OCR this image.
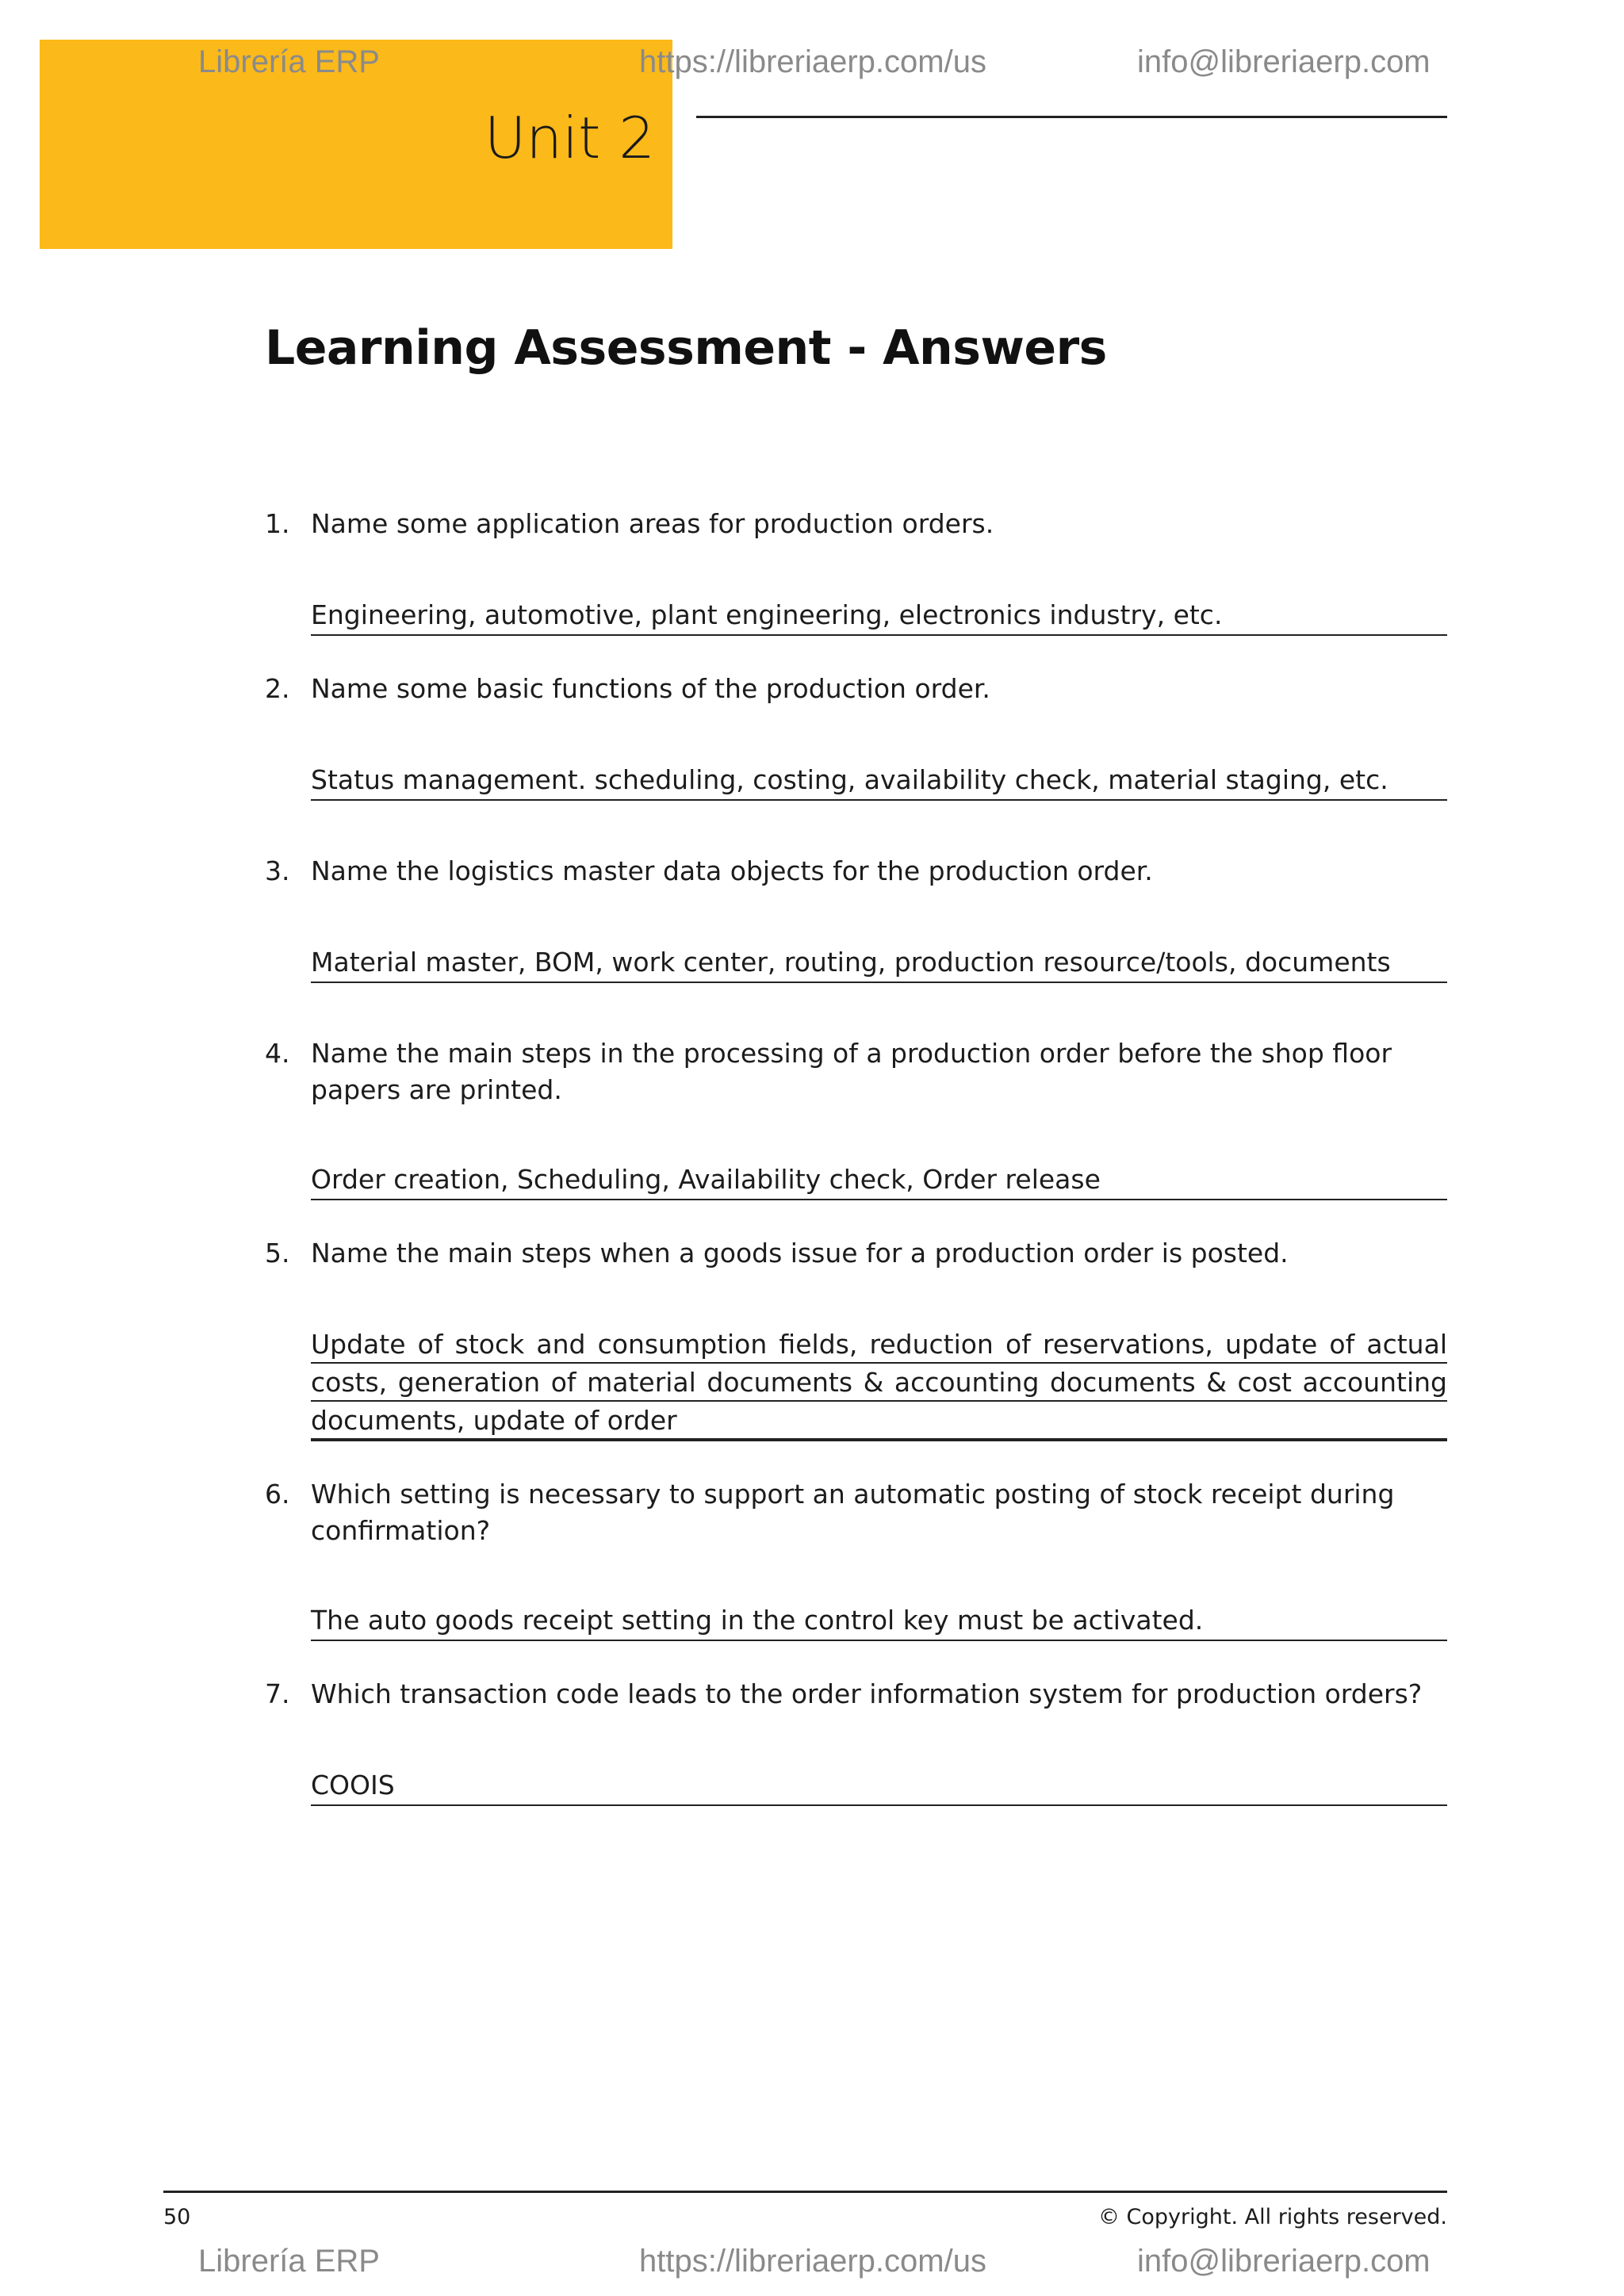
Unit 2
Librería ERP	https://libreriaerp.com/us	info@libreriaerp.com
Learning Assessment - Answers
1. Name some application areas for production orders.
Engineering, automotive, plant engineering, electronics industry, etc.
2. Name some basic functions of the production order.
Status management. scheduling, costing, availability check, material staging, etc.
3. Name the logistics master data objects for the production order.
Material master, BOM, work center, routing, production resource/tools, documents
4. Name the main steps in the processing of a production order before the shop floor papers are printed.
Order creation, Scheduling, Availability check, Order release
5. Name the main steps when a goods issue for a production order is posted.
Update of stock and consumption fields, reduction of reservations, update of actual costs, generation of material documents & accounting documents & cost accounting documents, update of order
6. Which setting is necessary to support an automatic posting of stock receipt during confirmation?
The auto goods receipt setting in the control key must be activated.
7. Which transaction code leads to the order information system for production orders?
COOIS
50	© Copyright. All rights reserved.
Librería ERP	https://libreriaerp.com/us	info@libreriaerp.com
